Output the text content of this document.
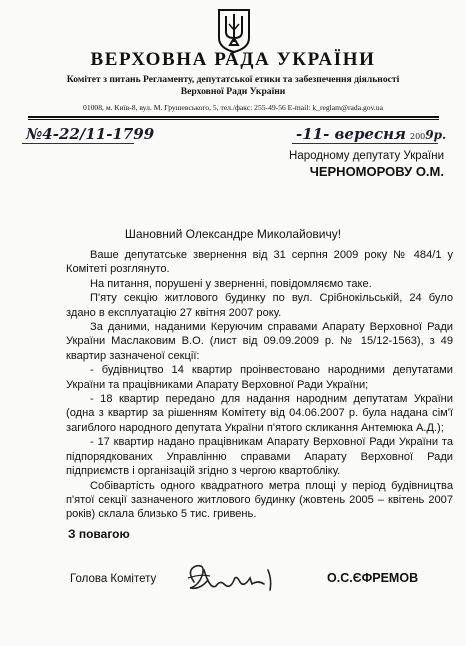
ВЕРХОВНА РАДА УКРАЇНИ
Комітет з питань Регламенту, депутатської етики та забезпечення діяльності
Верховної Ради України
01008, м. Київ-8, вул. М. Грушевського, 5, тел./факс: 255-49-56 E-mail: k_reglam@rada.gov.ua
№4-22/11-1799	-11- вересня 2009р.
Народному депутату України
ЧЕРНОМОРОВУ О.М.
Шановний Олександре Миколайовичу!

Ваше депутатське звернення від 31 серпня 2009 року № 484/1 у Комітеті розглянуто.

На питання, порушені у зверненні, повідомляємо таке.

П'яту секцію житлового будинку по вул. Срібнокільській, 24 було здано в експлуатацію 27 квітня 2007 року.

За даними, наданими Керуючим справами Апарату Верховної Ради України Маслаковим В.О. (лист від 09.09.2009 р. № 15/12-1563), з 49 квартир зазначеної секції:

- будівництво 14 квартир проінвестовано народними депутатами України та працівниками Апарату Верховної Ради України;

- 18 квартир передано для надання народним депутатам України (одна з квартир за рішенням Комітету від 04.06.2007 р. була надана сім'ї загиблого народного депутата України п'ятого скликання Антемюка А.Д.);

- 17 квартир надано працівникам Апарату Верховної Ради України та підпорядкованих Управлінню справами Апарату Верховної Ради підприємств і організацій згідно з чергою квартоблiку.

Собівартість одного квадратного метра площі у період будівництва п'ятої секції зазначеного житлового будинку (жовтень 2005 – квітень 2007 років) склала близько 5 тис. гривень.

З повагою
Голова Комітету	О.С.ЄФРЕМОВ
